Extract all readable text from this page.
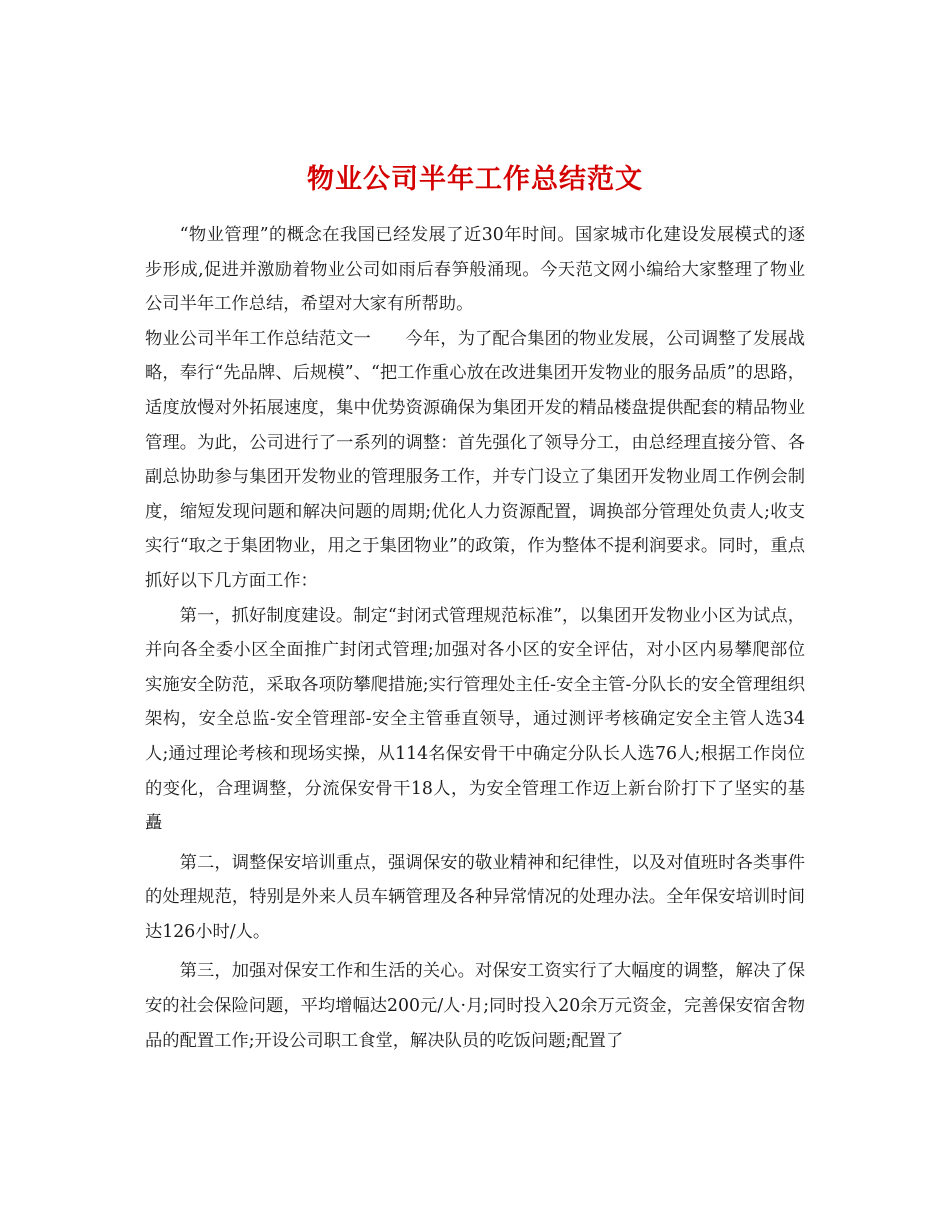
物业公司半年工作总结范文

“物业管理”的概念在我国已经发展了近30年时间。国家城市化建设发展模式的逐步形成,促进并激励着物业公司如雨后春笋般涌现。今天范文网小编给大家整理了物业公司半年工作总结，希望对大家有所帮助。

物业公司半年工作总结范文一 今年，为了配合集团的物业发展，公司调整了发展战略，奉行“先品牌、后规模”、“把工作重心放在改进集团开发物业的服务品质”的思路，适度放慢对外拓展速度，集中优势资源确保为集团开发的精品楼盘提供配套的精品物业管理。为此，公司进行了一系列的调整：首先强化了领导分工，由总经理直接分管、各副总协助参与集团开发物业的管理服务工作，并专门设立了集团开发物业周工作例会制度，缩短发现问题和解决问题的周期;优化人力资源配置，调换部分管理处负责人;收支实行“取之于集团物业，用之于集团物业”的政策，作为整体不提利润要求。同时，重点抓好以下几方面工作：

第一，抓好制度建设。制定“封闭式管理规范标准”，以集团开发物业小区为试点，并向各全委小区全面推广封闭式管理;加强对各小区的安全评估，对小区内易攀爬部位实施安全防范，采取各项防攀爬措施;实行管理处主任-安全主管-分队长的安全管理组织架构，安全总监-安全管理部-安全主管垂直领导，通过测评考核确定安全主管人选34人;通过理论考核和现场实操，从114名保安骨干中确定分队长人选76人;根据工作岗位的变化，合理调整，分流保安骨干18人，为安全管理工作迈上新台阶打下了坚实的基矗

第二，调整保安培训重点，强调保安的敬业精神和纪律性，以及对值班时各类事件的处理规范，特别是外来人员车辆管理及各种异常情况的处理办法。全年保安培训时间达126小时/人。

第三，加强对保安工作和生活的关心。对保安工资实行了大幅度的调整，解决了保安的社会保险问题，平均增幅达200元/人·月;同时投入20余万元资金，完善保安宿舍物品的配置工作;开设公司职工食堂，解决队员的吃饭问题;配置了
